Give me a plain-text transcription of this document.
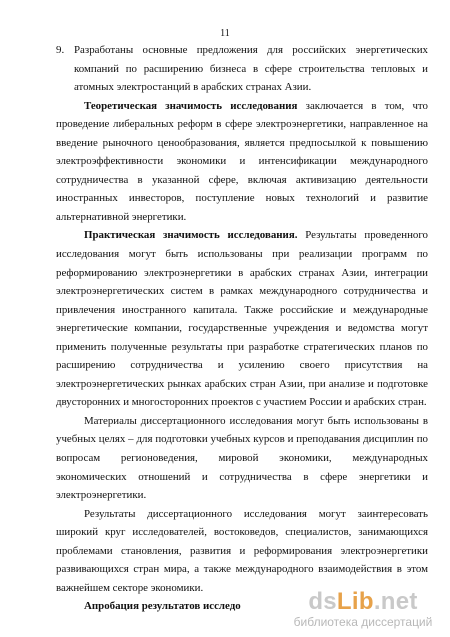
11

9. Разработаны основные предложения для российских энергетических компаний по расширению бизнеса в сфере строительства тепловых и атомных электростанций в арабских странах Азии.

Теоретическая значимость исследования заключается в том, что проведение либеральных реформ в сфере электроэнергетики, направленное на введение рыночного ценообразования, является предпосылкой к повышению электроэффективности экономики и интенсификации международного сотрудничества в указанной сфере, включая активизацию деятельности иностранных инвесторов, поступление новых технологий и развитие альтернативной энергетики.

Практическая значимость исследования. Результаты проведенного исследования могут быть использованы при реализации программ по реформированию электроэнергетики в арабских странах Азии, интеграции электроэнергетических систем в рамках международного сотрудничества и привлечения иностранного капитала. Также российские и международные энергетические компании, государственные учреждения и ведомства могут применить полученные результаты при разработке стратегических планов по расширению сотрудничества и усилению своего присутствия на электроэнергетических рынках арабских стран Азии, при анализе и подготовке двусторонних и многосторонних проектов с участием России и арабских стран.

Материалы диссертационного исследования могут быть использованы в учебных целях – для подготовки учебных курсов и преподавания дисциплин по вопросам регионоведения, мировой экономики, международных экономических отношений и сотрудничества в сфере энергетики и электроэнергетики.

Результаты диссертационного исследования могут заинтересовать широкий круг исследователей, востоковедов, специалистов, занимающихся проблемами становления, развития и реформирования электроэнергетики развивающихся стран мира, а также международного взаимодействия в этом важнейшем секторе экономики.

Апробация результатов исследо	dsLib.net
библиотека диссертаций
